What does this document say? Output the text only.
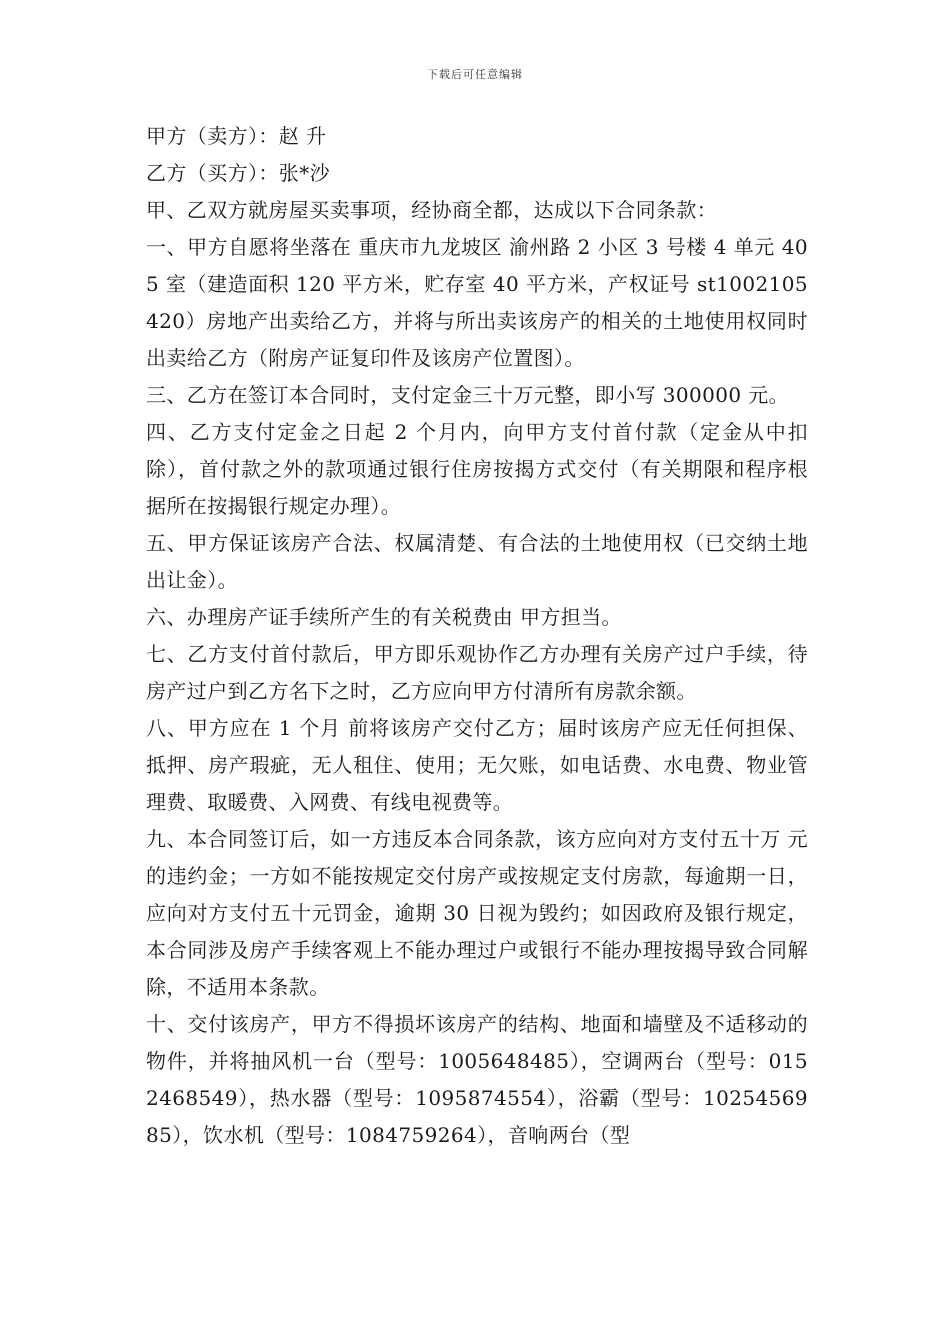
下载后可任意编辑

甲方（卖方）：赵 升

乙方（买方）：张*沙

甲、乙双方就房屋买卖事项，经协商全都，达成以下合同条款：

一、甲方自愿将坐落在 重庆市九龙坡区 渝州路 2 小区 3 号楼 4 单元 405 室（建造面积 120 平方米，贮存室 40 平方米，产权证号 st1002105420）房地产出卖给乙方，并将与所出卖该房产的相关的土地使用权同时出卖给乙方（附房产证复印件及该房产位置图）。

三、乙方在签订本合同时，支付定金三十万元整，即小写 300000 元。

四、乙方支付定金之日起 2 个月内，向甲方支付首付款（定金从中扣除），首付款之外的款项通过银行住房按揭方式交付（有关期限和程序根据所在按揭银行规定办理）。

五、甲方保证该房产合法、权属清楚、有合法的土地使用权（已交纳土地出让金）。

六、办理房产证手续所产生的有关税费由 甲方担当。

七、乙方支付首付款后，甲方即乐观协作乙方办理有关房产过户手续，待房产过户到乙方名下之时，乙方应向甲方付清所有房款余额。

八、甲方应在 1 个月 前将该房产交付乙方；届时该房产应无任何担保、抵押、房产瑕疵，无人租住、使用；无欠账，如电话费、水电费、物业管理费、取暖费、入网费、有线电视费等。

九、本合同签订后，如一方违反本合同条款，该方应向对方支付五十万 元的违约金；一方如不能按规定交付房产或按规定支付房款，每逾期一日，应向对方支付五十元罚金，逾期 30 日视为毁约；如因政府及银行规定，本合同涉及房产手续客观上不能办理过户或银行不能办理按揭导致合同解除，不适用本条款。

十、交付该房产，甲方不得损坏该房产的结构、地面和墙壁及不适移动的物件，并将抽风机一台（型号：1005648485），空调两台（型号：0152468549），热水器（型号：1095874554），浴霸（型号：1025456985），饮水机（型号：1084759264），音响两台（型
